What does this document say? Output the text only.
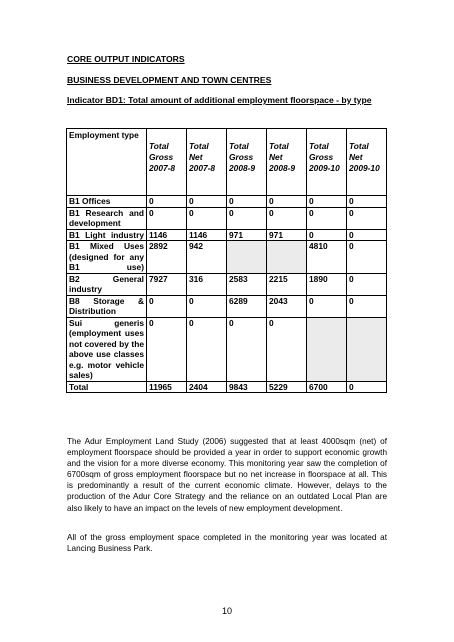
CORE OUTPUT INDICATORS
BUSINESS DEVELOPMENT AND TOWN CENTRES
Indicator BD1: Total amount of additional employment floorspace - by type
Employment type	Total Gross 2007-8	Total Net 2007-8	Total Gross 2008-9	Total Net 2008-9	Total Gross 2009-10	Total Net 2009-10
B1 Offices	0	0	0	0	0	0
B1 Research and development	0	0	0	0	0	0
B1 Light industry	1146	1146	971	971	0	0
B1 Mixed Uses (designed for any B1 use)	2892	942			4810	0
B2 General industry	7927	316	2583	2215	1890	0
B8 Storage & Distribution	0	0	6289	2043	0	0
Sui generis (employment uses not covered by the above use classes e.g. motor vehicle sales)	0	0	0	0		
Total	11965	2404	9843	5229	6700	0
The Adur Employment Land Study (2006) suggested that at least 4000sqm (net) of employment floorspace should be provided a year in order to support economic growth and the vision for a more diverse economy. This monitoring year saw the completion of 6700sqm of gross employment floorspace but no net increase in floorspace at all. This is predominantly a result of the current economic climate. However, delays to the production of the Adur Core Strategy and the reliance on an outdated Local Plan are also likely to have an impact on the levels of new employment development.
All of the gross employment space completed in the monitoring year was located at Lancing Business Park.
10
